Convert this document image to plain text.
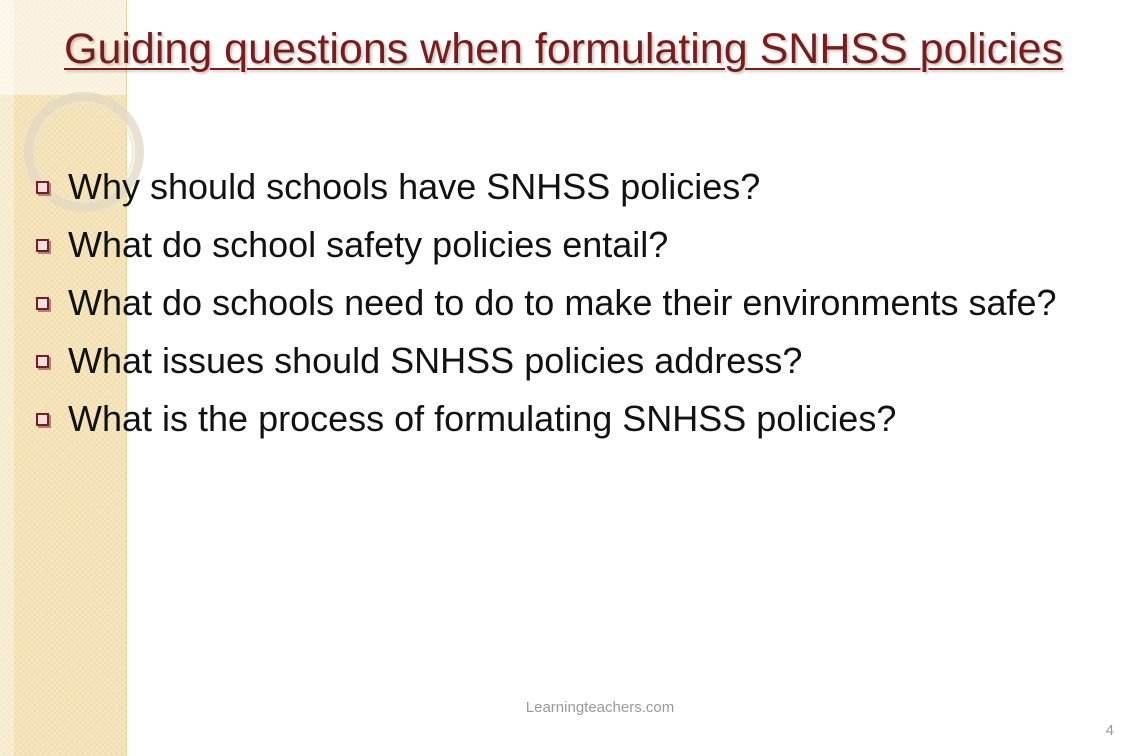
Guiding questions when formulating SNHSS policies
Why should schools have SNHSS policies?
What do school safety policies entail?
What do schools need to do to make their environments safe?
What issues should SNHSS policies address?
What is the process of formulating SNHSS policies?
Learningteachers.com
4
